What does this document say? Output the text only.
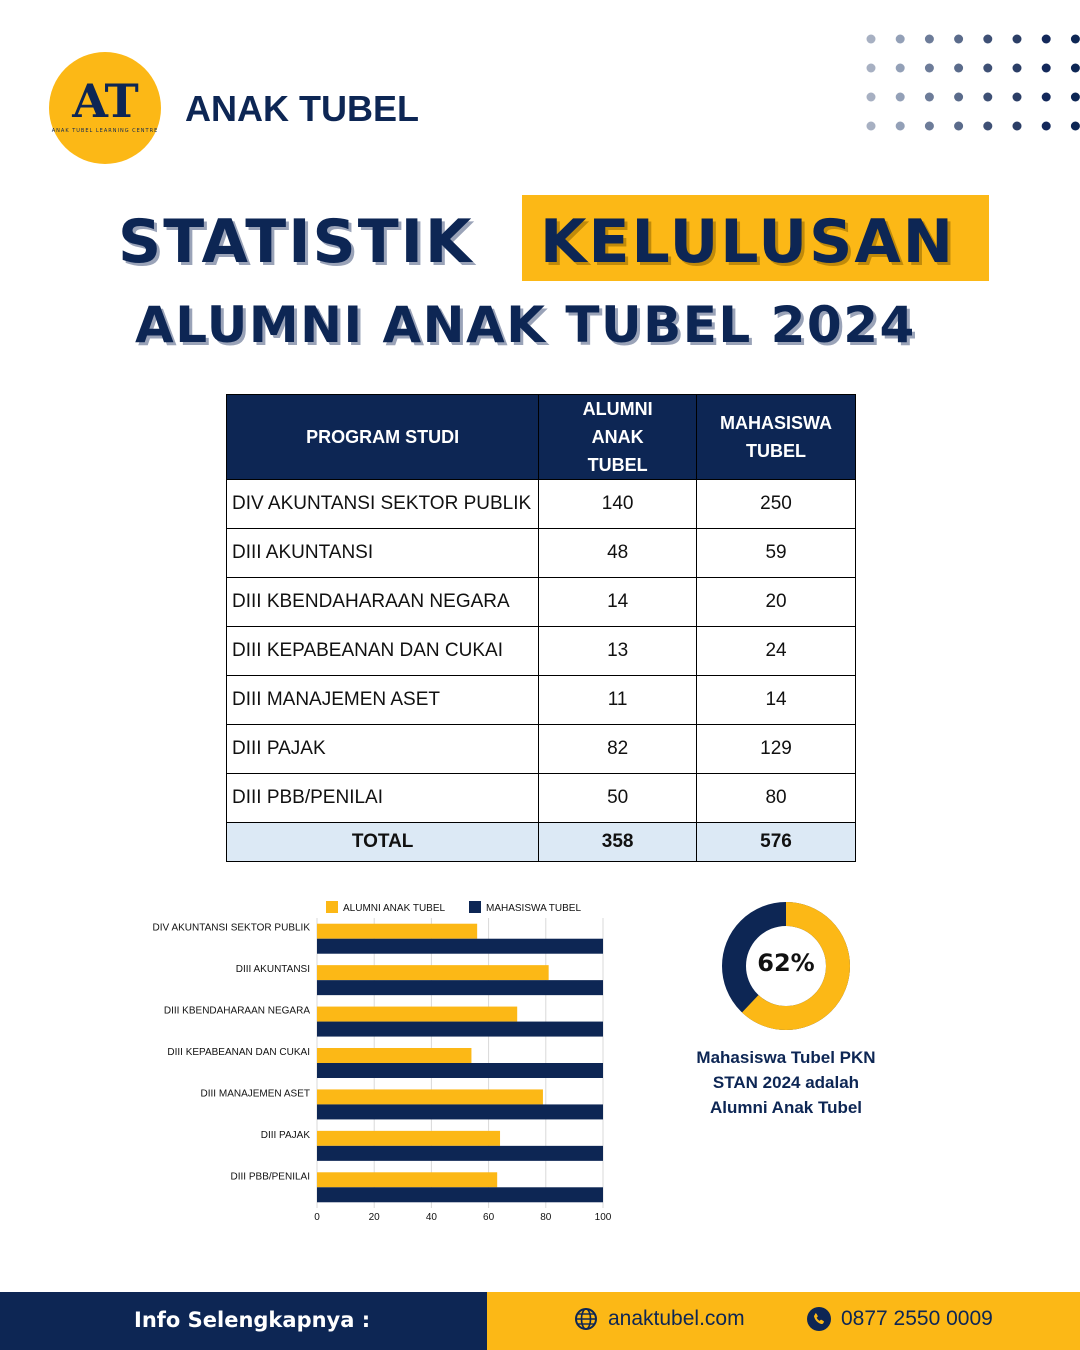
AT
ANAK TUBEL LEARNING CENTRE
ANAK TUBEL
STATISTIK KELULUSAN
ALUMNI ANAK TUBEL 2024
PROGRAM STUDI	ALUMNI ANAK TUBEL	MAHASISWA TUBEL
DIV AKUNTANSI SEKTOR PUBLIK	140	250
DIII AKUNTANSI	48	59
DIII KBENDAHARAAN NEGARA	14	20
DIII KEPABEANAN DAN CUKAI	13	24
DIII MANAJEMEN ASET	11	14
DIII PAJAK	82	129
DIII PBB/PENILAI	50	80
TOTAL	358	576
ALUMNI ANAK TUBEL	MAHASISWA TUBEL
0	20	40	60	80	100
DIV AKUNTANSI SEKTOR PUBLIK
DIII AKUNTANSI
DIII KBENDAHARAAN NEGARA
DIII KEPABEANAN DAN CUKAI
DIII MANAJEMEN ASET
DIII PAJAK
DIII PBB/PENILAI
62%
Mahasiswa Tubel PKN
STAN 2024 adalah
Alumni Anak Tubel
Info Selengkapnya :	anaktubel.com	0877 2550 0009
